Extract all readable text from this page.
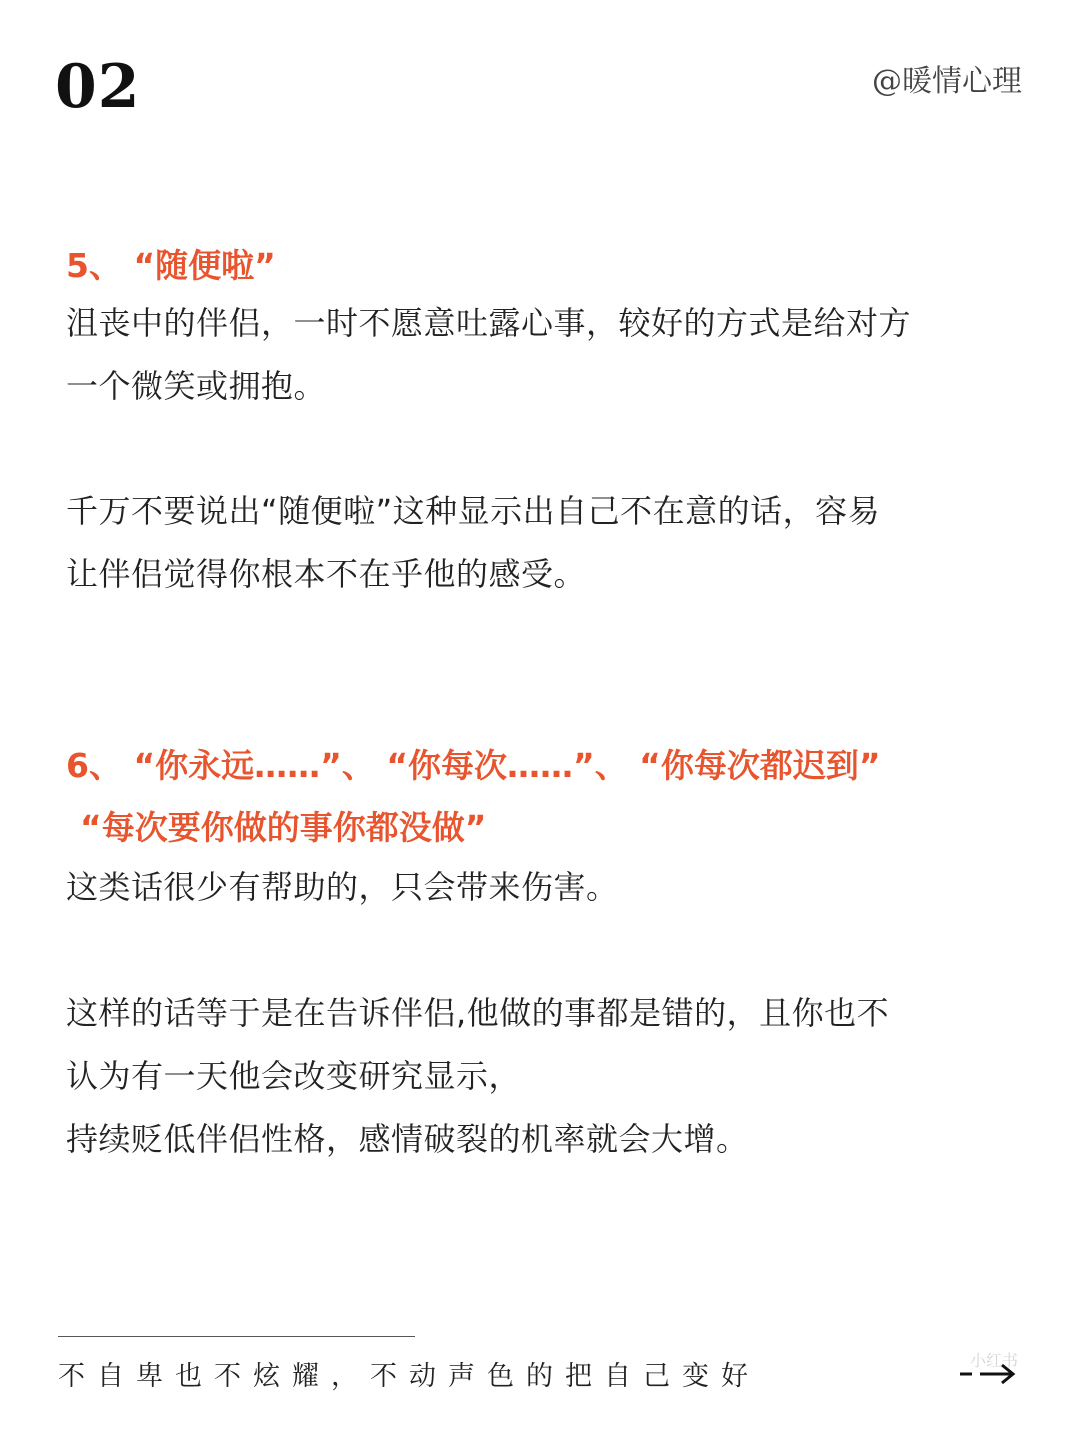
02	@暖情心理
5、 “随便啦”
沮丧中的伴侣，一时不愿意吐露心事，较好的方式是给对方
一个微笑或拥抱。
千万不要说出“随便啦”这种显示出自己不在意的话，容易
让伴侣觉得你根本不在乎他的感受。
6、 “你永远……”、 “你每次……”、 “你每次都迟到”
“每次要你做的事你都没做”
这类话很少有帮助的，只会带来伤害。
这样的话等于是在告诉伴侣,他做的事都是错的，且你也不
认为有一天他会改变研究显示，
持续贬低伴侣性格，感情破裂的机率就会大增。
不自卑也不炫耀，不动声色的把自己变好
小红书
